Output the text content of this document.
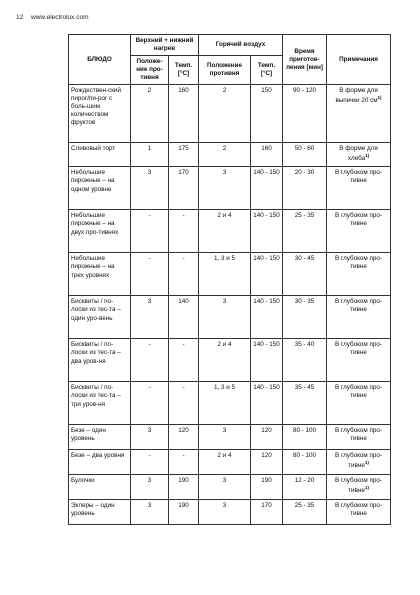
12 www.electrolux.com
БЛЮДО	Верхний + нижний нагрев		Горячий воздух		Время приготов-ления [мин]	Примечания
	Положе-ние про-тивня	Темп. [°C]	Положение противня	Темп. [°C]		
Рождествен-ский пирог/пи-рог с боль-шим количеством фруктов	2	160	2	150	90 - 120	В форме для выпечки 20 $см^{1)}$
Сливовый торт	1	175	2	160	50 - 60	В форме для хлеба$^{1)}$
Небольшие пирожные – на одном уровне	3	170	3	140 - 150	20 - 30	В глубоком про-тивне
Небольшие пирожные – на двух про-тивнях	-	-	2 и 4	140 - 150	25 - 35	В глубоком про-тивне
Небольшие пирожные – на трех уровнях	-	-	1, 3 и 5	140 - 150	30 - 45	В глубоком про-тивне
Бисквиты / по-лоски из тес-та – один уро-вень	3	140	3	140 - 150	30 - 35	В глубоком про-тивне
Бисквиты / по-лоски из тес-та – два уров-ня	-	-	2 и 4	140 - 150	35 - 40	В глубоком про-тивне
Бисквиты / по-лоски из тес-та – три уров-ня	-	-	1, 3 и 5	140 - 150	35 - 45	В глубоком про-тивне
Безе – один уровень	3	120	3	120	80 - 100	В глубоком про-тивне
Безе – два уровня	-	-	2 и 4	120	80 - 100	В глубоком про-тивне$^{1)}$
Булочки	3	190	3	190	12 - 20	В глубоком про-тивне$^{1)}$
Эклеры – один уровень	3	190	3	170	25 - 35	В глубоком про-тивне
